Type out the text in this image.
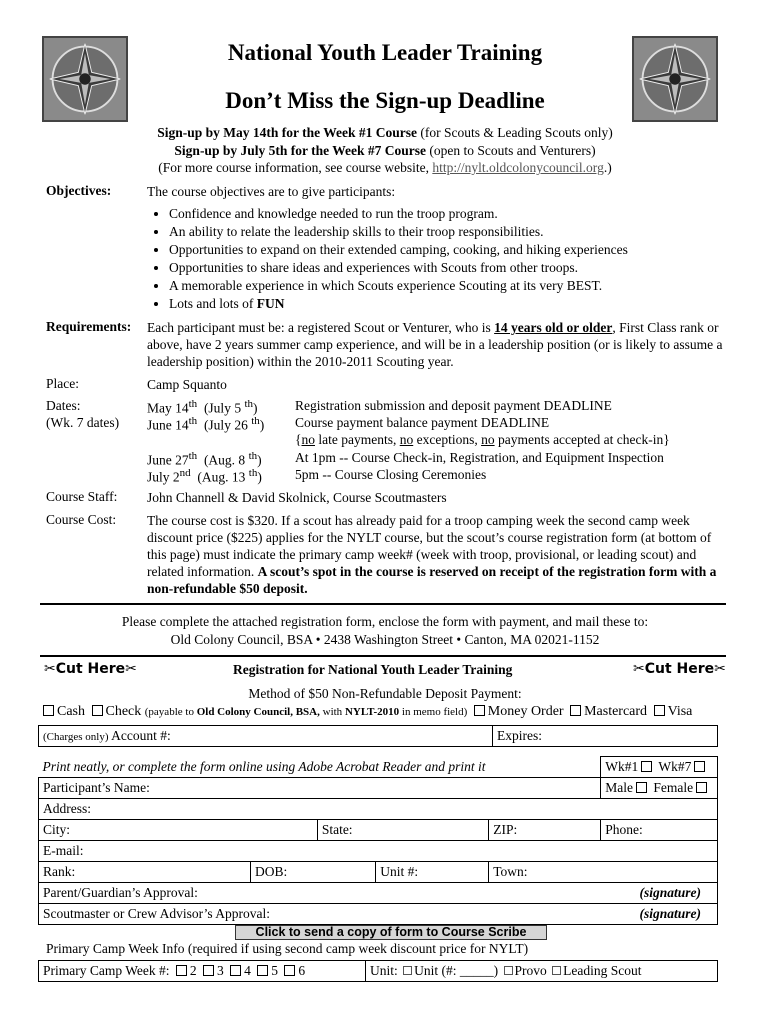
National Youth Leader Training
Don’t Miss the Sign-up Deadline
Sign-up by May 14th for the Week #1 Course (for Scouts & Leading Scouts only)
Sign-up by July 5th for the Week #7 Course (open to Scouts and Venturers)
(For more course information, see course website, http://nylt.oldcolonycouncil.org.)
Objectives:	The course objectives are to give participants:
• Confidence and knowledge needed to run the troop program.
• An ability to relate the leadership skills to their troop responsibilities.
• Opportunities to expand on their extended camping, cooking, and hiking experiences
• Opportunities to share ideas and experiences with Scouts from other troops.
• A memorable experience in which Scouts experience Scouting at its very BEST.
• Lots and lots of FUN
Requirements: Each participant must be: a registered Scout or Venturer, who is 14 years old or older, First Class rank or above, have 2 years summer camp experience, and will be in a leadership position (or is likely to assume a leadership position) within the 2010-2011 Scouting year.
Place:	Camp Squanto
Dates:
(Wk. 7 dates)
May 14th  (July 5 $^{th}$)	Registration submission and deposit payment DEADLINE
June 14th  (July 26 $^{th}$) Course payment balance payment DEADLINE
{no late payments, no exceptions, no payments accepted at check-in}
June 27th  (Aug. 8 $^{th}$) At 1pm -- Course Check-in, Registration, and Equipment Inspection
July 2nd  (Aug. 13 $^{th}$) 5pm -- Course Closing Ceremonies
Course Staff: John Channell & David Skolnick, Course Scoutmasters
Course Cost: The course cost is $320. If a scout has already paid for a troop camping week the second camp week discount price ($225) applies for the NYLT course, but the scout’s course registration form (at bottom of this page) must indicate the primary camp week# (week with troop, provisional, or leading scout) and related information. A scout’s spot in the course is reserved on receipt of the registration form with a non-refundable $50 deposit.
Please complete the attached registration form, enclose the form with payment, and mail these to:
Old Colony Council, BSA • 2438 Washington Street • Canton, MA 02021-1152
✂Cut Here✂	Registration for National Youth Leader Training	✂Cut Here✂
Method of $50 Non-Refundable Deposit Payment:
Cash Check (payable to Old Colony Council, BSA, with NYLT-2010 in memo field) Money Order Mastercard Visa
(Charges only) Account #:	Expires:
Print neatly, or complete the form online using Adobe Acrobat Reader and print it					Wk#1 Wk#7
Participant’s Name:					Male Female
Address:					
City:		State:		ZIP:	Phone:
E-mail:					
Rank:	DOB:		Unit #:	Town:	
Parent/Guardian’s Approval: (signature)					

Scoutmaster or Crew Advisor’s Approval: (signature)					
Click to send a copy of form to Course Scribe
Primary Camp Week Info (required if using second camp week discount price for NYLT)
Primary Camp Week #: 2 3 4 5 6	Unit: Unit (#: _____) Provo Leading Scout
